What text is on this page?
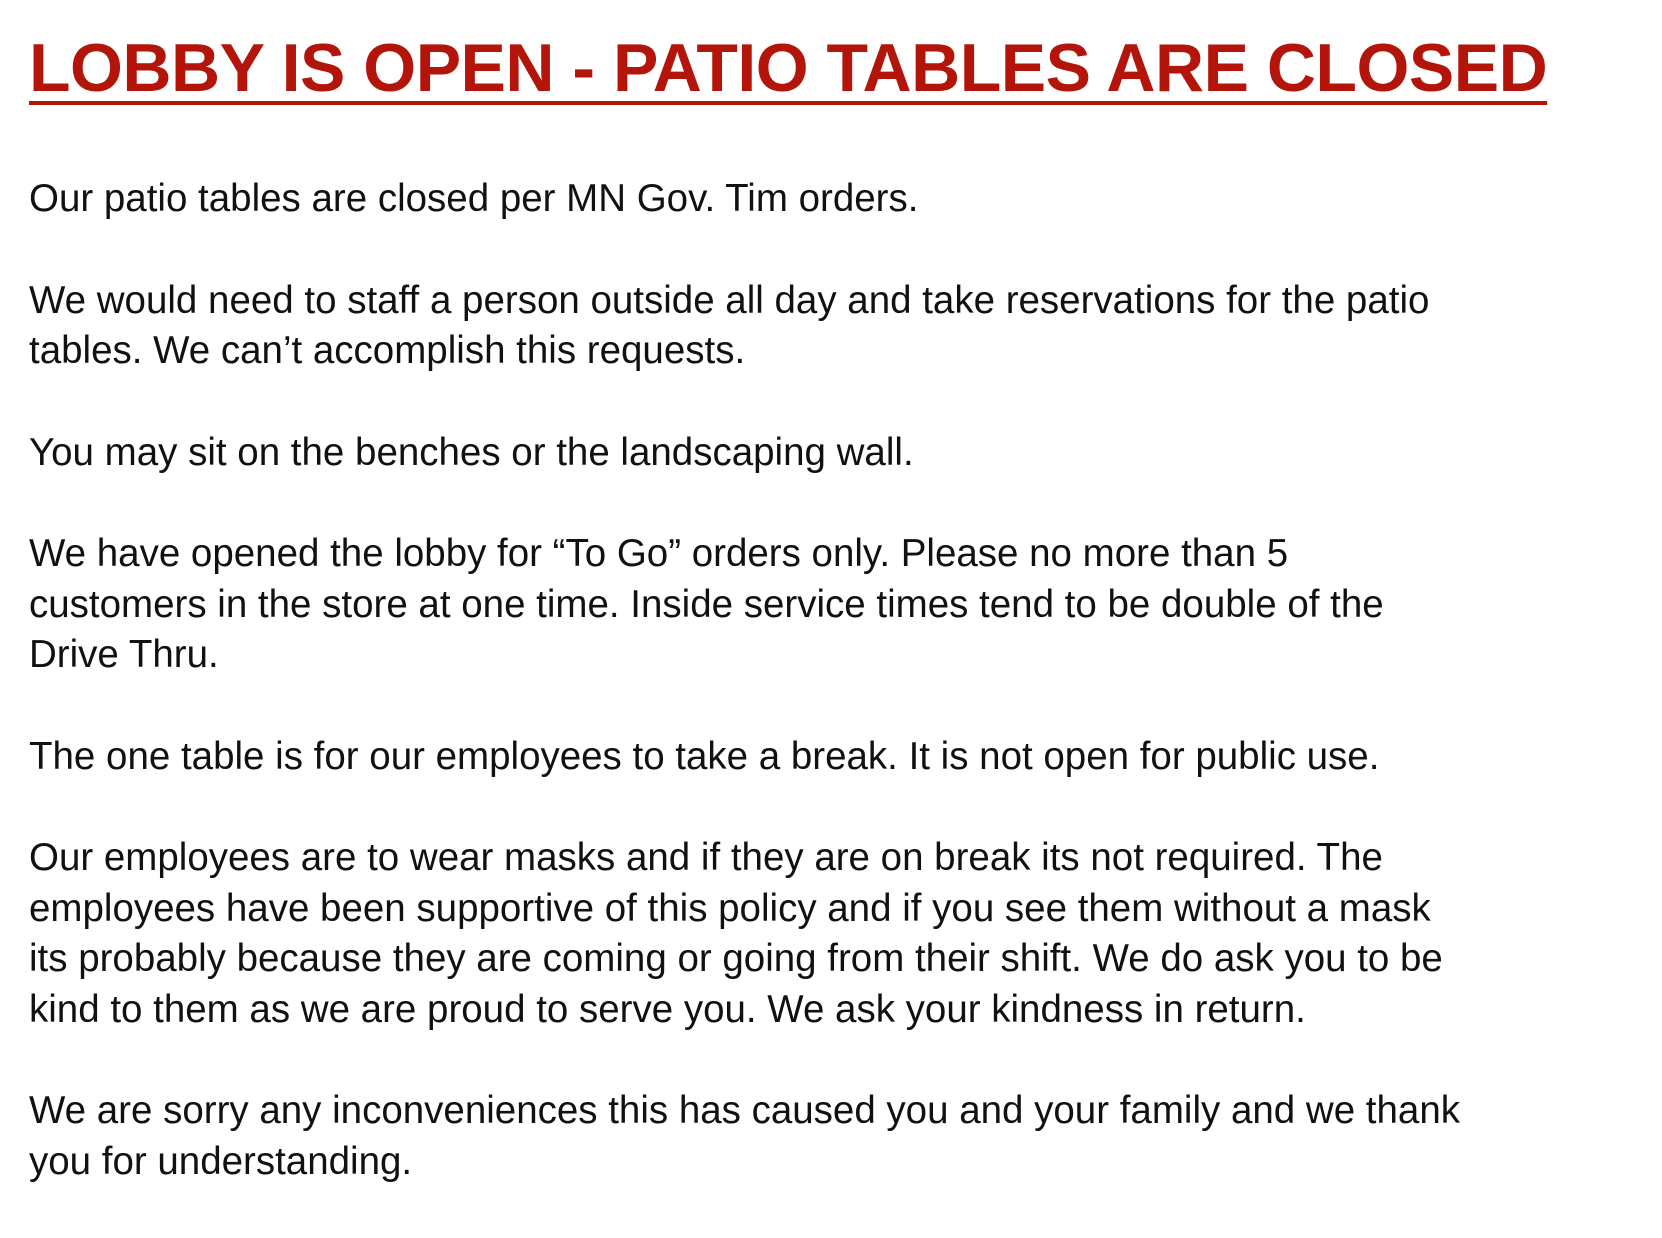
LOBBY IS OPEN - PATIO TABLES ARE CLOSED

Our patio tables are closed per MN Gov. Tim orders.

We would need to staff a person outside all day and take reservations for the patio
tables. We can’t accomplish this requests.

You may sit on the benches or the landscaping wall.

We have opened the lobby for “To Go” orders only. Please no more than 5
customers in the store at one time. Inside service times tend to be double of the
Drive Thru.

The one table is for our employees to take a break. It is not open for public use.

Our employees are to wear masks and if they are on break its not required. The
employees have been supportive of this policy and if you see them without a mask
its probably because they are coming or going from their shift. We do ask you to be
kind to them as we are proud to serve you. We ask your kindness in return.

We are sorry any inconveniences this has caused you and your family and we thank
you for understanding.
